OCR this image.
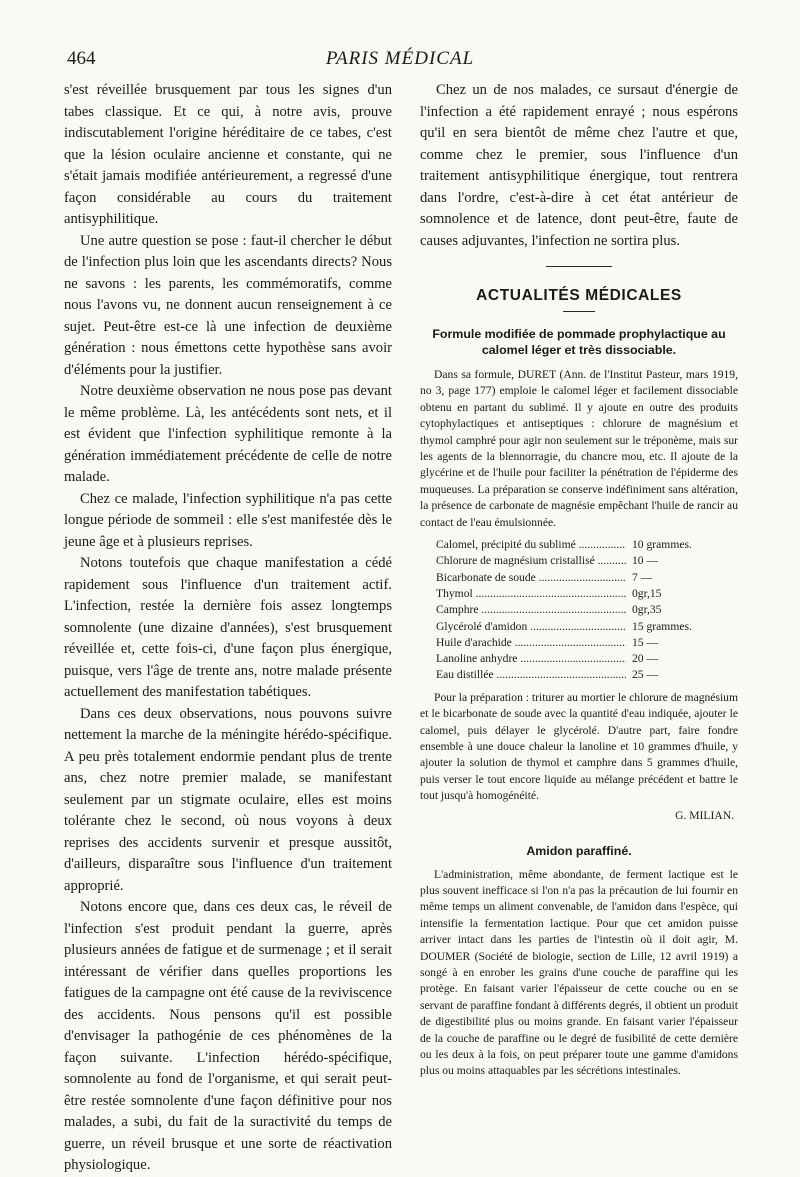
464	PARIS MÉDICAL

s'est réveillée brusquement par tous les signes d'un tabes classique. Et ce qui, à notre avis, prouve indiscutablement l'origine héréditaire de ce tabes, c'est que la lésion oculaire ancienne et constante, qui ne s'était jamais modifiée antérieurement, a regressé d'une façon considérable au cours du traitement antisyphilitique.

Une autre question se pose : faut-il chercher le début de l'infection plus loin que les ascendants directs? Nous ne savons : les parents, les commémoratifs, comme nous l'avons vu, ne donnent aucun renseignement à ce sujet. Peut-être est-ce là une infection de deuxième génération : nous émettons cette hypothèse sans avoir d'éléments pour la justifier.

Notre deuxième observation ne nous pose pas devant le même problème. Là, les antécédents sont nets, et il est évident que l'infection syphilitique remonte à la génération immédiatement précédente de celle de notre malade.

Chez ce malade, l'infection syphilitique n'a pas cette longue période de sommeil : elle s'est manifestée dès le jeune âge et à plusieurs reprises.

Notons toutefois que chaque manifestation a cédé rapidement sous l'influence d'un traitement actif. L'infection, restée la dernière fois assez longtemps somnolente (une dizaine d'années), s'est brusquement réveillée et, cette fois-ci, d'une façon plus énergique, puisque, vers l'âge de trente ans, notre malade présente actuellement des manifestation tabétiques.

Dans ces deux observations, nous pouvons suivre nettement la marche de la méningite hérédo-spécifique. A peu près totalement endormie pendant plus de trente ans, chez notre premier malade, se manifestant seulement par un stigmate oculaire, elles est moins tolérante chez le second, où nous voyons à deux reprises des accidents survenir et presque aussitôt, d'ailleurs, disparaître sous l'influence d'un traitement approprié.

Notons encore que, dans ces deux cas, le réveil de l'infection s'est produit pendant la guerre, après plusieurs années de fatigue et de surmenage ; et il serait intéressant de vérifier dans quelles proportions les fatigues de la campagne ont été cause de la reviviscence des accidents. Nous pensons qu'il est possible d'envisager la pathogénie de ces phénomènes de la façon suivante. L'infection hérédo-spécifique, somnolente au fond de l'organisme, et qui serait peut-être restée somnolente d'une façon définitive pour nos malades, a subi, du fait de la suractivité du temps de guerre, un réveil brusque et une sorte de réactivation physiologique.

Chez un de nos malades, ce sursaut d'énergie de l'infection a été rapidement enrayé ; nous espérons qu'il en sera bientôt de même chez l'autre et que, comme chez le premier, sous l'influence d'un traitement antisyphilitique énergique, tout rentrera dans l'ordre, c'est-à-dire à cet état antérieur de somnolence et de latence, dont peut-être, faute de causes adjuvantes, l'infection ne sortira plus.

ACTUALITÉS MÉDICALES
Formule modifiée de pommade prophylactique au calomel léger et très dissociable.

Dans sa formule, DURET (Ann. de l'Institut Pasteur, mars 1919, no 3, page 177) emploie le calomel léger et facilement dissociable obtenu en partant du sublimé. Il y ajoute en outre des produits cytophylactiques et antiseptiques : chlorure de magnésium et thymol camphré pour agir non seulement sur le tréponème, mais sur les agents de la blennorragie, du chancre mou, etc. Il ajoute de la glycérine et de l'huile pour faciliter la pénétration de l'épiderme des muqueuses. La préparation se conserve indéfiniment sans altération, la présence de carbonate de magnésie empêchant l'huile de rancir au contact de l'eau émulsionnée.

Calomel, précipité du sublimé .....	10 grammes.
Chlorure de magnésium cristallisé .....	10 —
Bicarbonate de soude .....	7 —
Thymol .....	0gr,15
Camphre .....	0gr,35
Glycérolé d'amidon .....	15 grammes.
Huile d'arachide .....	15 —
Lanoline anhydre .....	20 —
Eau distillée .....	25 —

Pour la préparation : triturer au mortier le chlorure de magnésium et le bicarbonate de soude avec la quantité d'eau indiquée, ajouter le calomel, puis délayer le glycérolé. D'autre part, faire fondre ensemble à une douce chaleur la lanoline et 10 grammes d'huile, y ajouter la solution de thymol et camphre dans 5 grammes d'huile, puis verser le tout encore liquide au mélange précédent et battre le tout jusqu'à homogénéité.

G. MILIAN.
Amidon paraffiné.

L'administration, même abondante, de ferment lactique est le plus souvent inefficace si l'on n'a pas la précaution de lui fournir en même temps un aliment convenable, de l'amidon dans l'espèce, qui intensifie la fermentation lactique. Pour que cet amidon puisse arriver intact dans les parties de l'intestin où il doit agir, M. DOUMER (Société de biologie, section de Lille, 12 avril 1919) a songé à en enrober les grains d'une couche de paraffine qui les protège. En faisant varier l'épaisseur de cette couche ou en se servant de paraffine fondant à différents degrés, il obtient un produit de digestibilité plus ou moins grande. En faisant varier l'épaisseur de la couche de paraffine ou le degré de fusibilité de cette dernière ou les deux à la fois, on peut préparer toute une gamme d'amidons plus ou moins attaquables par les sécrétions intestinales.
